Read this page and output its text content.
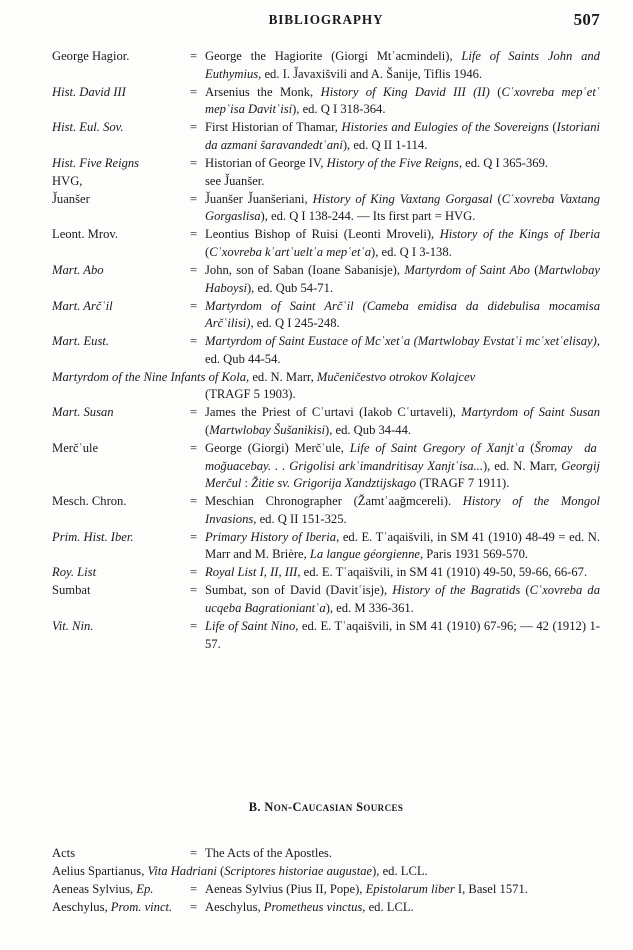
BIBLIOGRAPHY	507
George Hagior.	= George the Hagiorite (Giorgi Mtʿacmindeli), Life of Saints John and Euthymius, ed. I. J̌avaxišvili and A. Šanije, Tiflis 1946.
Hist. David III	= Arsenius the Monk, History of King David III (II) (Cʿxovreba mepʿetʿ mepʿisa Davitʿisi), ed. Q I 318-364.
Hist. Eul. Sov.	= First Historian of Thamar, Histories and Eulogies of the Sovereigns (Istoriani da azmani šaravandedtʿani), ed. Q II 1-114.
Hist. Five Reigns	= Historian of George IV, History of the Five Reigns, ed. Q I 365-369.
HVG,	see J̌uanšer.
J̌uanšer	= J̌uanšer J̌uanšeriani, History of King Vaxtang Gorgasal (Cʿxovreba Vaxtang Gorgaslisa), ed. Q I 138-244. — Its first part = HVG.
Leont. Mrov.	= Leontius Bishop of Ruisi (Leonti Mroveli), History of the Kings of Iberia (Cʿxovreba kʿartʿueltʿa mepʿetʿa), ed. Q I 3-138.
Mart. Abo	= John, son of Saban (Ioane Sabanisje), Martyrdom of Saint Abo (Martwlobay Haboysi), ed. Qub 54-71.
Mart. Arčʿil	= Martyrdom of Saint Arčʿil (Cameba emidisa da didebulisa mocamisa Arčʿilisi), ed. Q I 245-248.
Mart. Eust.	= Martyrdom of Saint Eustace of Mcʿxetʿa (Martwlobay Evstatʿi mcʿxetʿelisay), ed. Qub 44-54.
Martyrdom of the Nine Infants of Kola, ed. N. Marr, Mučeničestvo otrokov Kolajcev
(TRAGF 5 1903).
Mart. Susan	= James the Priest of Cʿurtavi (Iakob Cʿurtaveli), Martyrdom of Saint Susan (Martwlobay Šušanikisi), ed. Qub 34-44.
Merčʿule	= George (Giorgi) Merčʿule, Life of Saint Gregory of Xanjtʿa (Šromay  da  moǧuacebay. . . Grigolisi arkʿimandritisay Xanjtʿisa...), ed. N. Marr, Georgij Merčul : Žitie sv. Grigorija Xandztijskago (TRAGF 7 1911).
Mesch. Chron.	= Meschian Chronographer (Žamtʿaaǧmcereli). History of the Mongol Invasions, ed. Q II 151-325.
Prim. Hist. Iber.	= Primary History of Iberia, ed. E. Tʿaqaišvili, in SM 41 (1910) 48-49 = ed. N. Marr and M. Brière, La langue géorgienne, Paris 1931 569-570.
Roy. List	= Royal List I, II, III, ed. E. Tʿaqaišvili, in SM 41 (1910) 49-50, 59-66, 66-67.
Sumbat	= Sumbat, son of David (Davitʿisje), History of the Bagratids (Cʿxovreba da ucqeba Bagrationiantʿa), ed. M 336-361.
Vit. Nin.	= Life of Saint Nino, ed. E. Tʿaqaišvili, in SM 41 (1910) 67-96; — 42 (1912) 1-57.
B. Non-Caucasian Sources
Acts	= The Acts of the Apostles.
Aelius Spartianus, Vita Hadriani (Scriptores historiae augustae), ed. LCL.
Aeneas Sylvius, Ep.	= Aeneas Sylvius (Pius II, Pope), Epistolarum liber I, Basel 1571.
Aeschylus, Prom. vinct.	= Aeschylus, Prometheus vinctus, ed. LCL.
